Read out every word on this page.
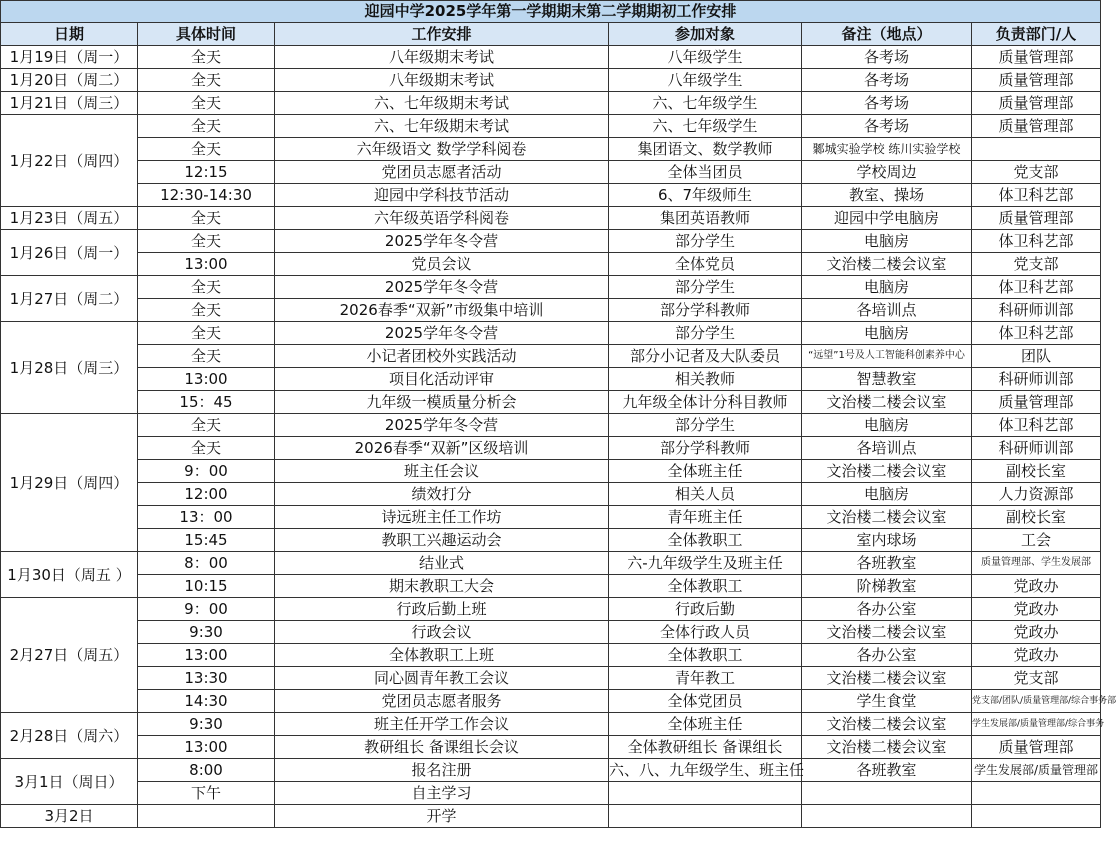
迎园中学2025学年第一学期期末第二学期期初工作安排					
日期	具体时间	工作安排	参加对象	备注（地点）	负责部门/人
1月19日（周一）	全天	八年级期末考试	八年级学生	各考场	质量管理部
1月20日（周二）	全天	八年级期末考试	八年级学生	各考场	质量管理部
1月21日（周三）	全天	六、七年级期末考试	六、七年级学生	各考场	质量管理部
1月22日（周四）	全天	六、七年级期末考试	六、七年级学生	各考场	质量管理部
	全天	六年级语文 数学学科阅卷	集团语文、数学教师	鄹城实验学校 练川实验学校	
	12:15	党团员志愿者活动	全体当团员	学校周边	党支部
	12:30-14:30	迎园中学科技节活动	6、7年级师生	教室、操场	体卫科艺部
1月23日（周五）	全天	六年级英语学科阅卷	集团英语教师	迎园中学电脑房	质量管理部
1月26日（周一）	全天	2025学年冬令营	部分学生	电脑房	体卫科艺部
	13:00	党员会议	全体党员	文治楼二楼会议室	党支部
1月27日（周二）	全天	2025学年冬令营	部分学生	电脑房	体卫科艺部
	全天	2026春季“双新”市级集中培训	部分学科教师	各培训点	科研师训部
1月28日（周三）	全天	2025学年冬令营	部分学生	电脑房	体卫科艺部
	全天	小记者团校外实践活动	部分小记者及大队委员	“远望”1号及人工智能科创素养中心	团队
	13:00	项目化活动评审	相关教师	智慧教室	科研师训部
	15：45	九年级一模质量分析会	九年级全体计分科目教师	文治楼二楼会议室	质量管理部
1月29日（周四）	全天	2025学年冬令营	部分学生	电脑房	体卫科艺部
	全天	2026春季“双新”区级培训	部分学科教师	各培训点	科研师训部
	9：00	班主任会议	全体班主任	文治楼二楼会议室	副校长室
	12:00	绩效打分	相关人员	电脑房	人力资源部
	13：00	诗远班主任工作坊	青年班主任	文治楼二楼会议室	副校长室
	15:45	教职工兴趣运动会	全体教职工	室内球场	工会
1月30日（周五 ）	8：00	结业式	六-九年级学生及班主任	各班教室	质量管理部、学生发展部
	10:15	期末教职工大会	全体教职工	阶梯教室	党政办
2月27日（周五）	9：00	行政后勤上班	行政后勤	各办公室	党政办
	9:30	行政会议	全体行政人员	文治楼二楼会议室	党政办
	13:00	全体教职工上班	全体教职工	各办公室	党政办
	13:30	同心圆青年教工会议	青年教工	文治楼二楼会议室	党支部
	14:30	党团员志愿者服务	全体党团员	学生食堂	党支部/团队/质量管理部/综合事务部
2月28日（周六）	9:30	班主任开学工作会议	全体班主任	文治楼二楼会议室	学生发展部/质量管理部/综合事务
	13:00	教研组长 备课组长会议	全体教研组长 备课组长	文治楼二楼会议室	质量管理部
3月1日（周日）	8:00	报名注册	六、八、九年级学生、班主任	各班教室	学生发展部/质量管理部
	下午	自主学习			
3月2日		开学			
